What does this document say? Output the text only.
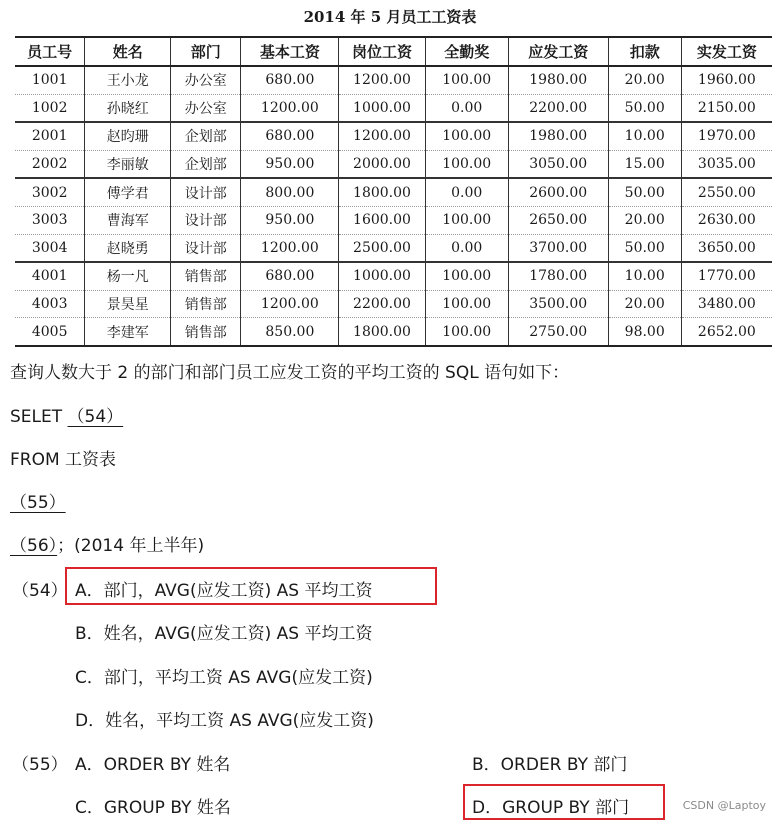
2014 年 5 月员工工资表
员工号	姓名	部门	基本工资	岗位工资	全勤奖	应发工资	扣款	实发工资
1001	王小龙	办公室	680.00	1200.00	100.00	1980.00	20.00	1960.00
1002	孙晓红	办公室	1200.00	1000.00	0.00	2200.00	50.00	2150.00
2001	赵昀珊	企划部	680.00	1200.00	100.00	1980.00	10.00	1970.00
2002	李丽敏	企划部	950.00	2000.00	100.00	3050.00	15.00	3035.00
3002	傅学君	设计部	800.00	1800.00	0.00	2600.00	50.00	2550.00
3003	曹海军	设计部	950.00	1600.00	100.00	2650.00	20.00	2630.00
3004	赵晓勇	设计部	1200.00	2500.00	0.00	3700.00	50.00	3650.00
4001	杨一凡	销售部	680.00	1000.00	100.00	1780.00	10.00	1770.00
4003	景昊星	销售部	1200.00	2200.00	100.00	3500.00	20.00	3480.00
4005	李建军	销售部	850.00	1800.00	100.00	2750.00	98.00	2652.00
查询人数大于 2 的部门和部门员工应发工资的平均工资的 SQL 语句如下：
SELET （54）
FROM 工资表
（55）
（56）；(2014 年上半年)
（54） A．部门，AVG(应发工资) AS 平均工资
B．姓名，AVG(应发工资) AS 平均工资
C．部门，平均工资 AS AVG(应发工资)
D．姓名，平均工资 AS AVG(应发工资)
（55） A．ORDER BY 姓名	B．ORDER BY 部门
C．GROUP BY 姓名	D．GROUP BY 部门	CSDN @Laptoy
